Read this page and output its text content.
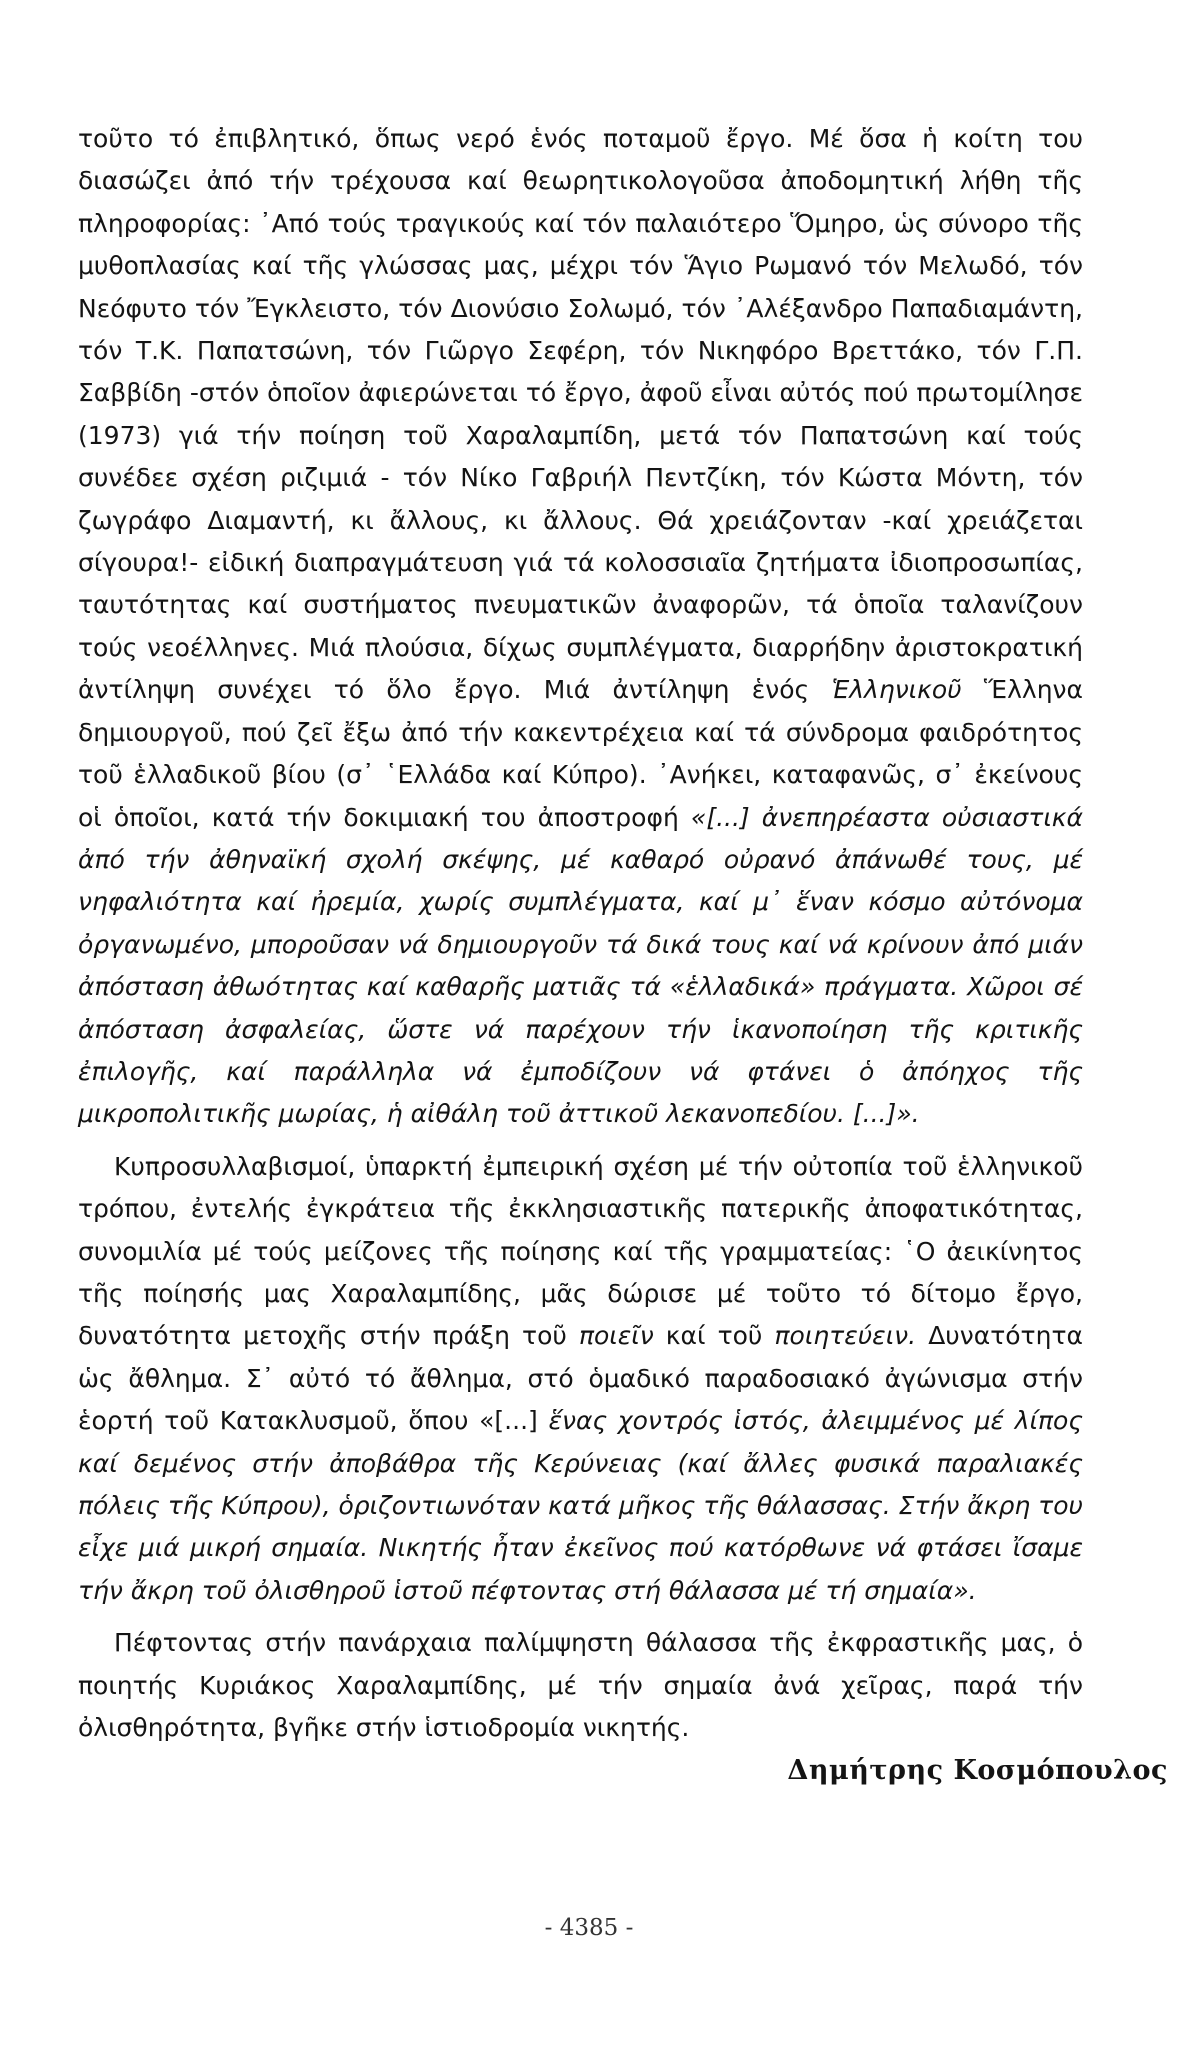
τοῦτο τό ἐπιβλητικό, ὅπως νερό ἑνός ποταμοῦ ἔργο. Μέ ὅσα ἡ κοίτη του διασώζει ἀπό τήν τρέχουσα καί θεωρητικολογοῦσα ἀποδομητική λήθη τῆς πληροφορίας: ᾽Από τούς τραγικούς καί τόν παλαιότερο Ὅμηρο, ὡς σύνορο τῆς μυθοπλασίας καί τῆς γλώσσας μας, μέχρι τόν Ἅγιο Ρωμανό τόν Μελωδό, τόν Νεόφυτο τόν Ἔγκλειστο, τόν Διονύσιο Σολωμό, τόν ᾽Αλέξανδρο Παπαδιαμάντη, τόν Τ.Κ. Παπατσώνη, τόν Γιῶργο Σεφέρη, τόν Νικηφόρο Βρεττάκο, τόν Γ.Π. Σαββίδη -στόν ὁποῖον ἀφιερώνεται τό ἔργο, ἀφοῦ εἶναι αὐτός πού πρωτομίλησε (1973) γιά τήν ποίηση τοῦ Χαραλαμπίδη, μετά τόν Παπατσώνη καί τούς συνέδεε σχέση ριζιμιά - τόν Νίκο Γαβριήλ Πεντζίκη, τόν Κώστα Μόντη, τόν ζωγράφο Διαμαντή, κι ἄλλους, κι ἄλλους. Θά χρειάζονταν -καί χρειάζεται σίγουρα!- εἰδική διαπραγμάτευση γιά τά κολοσσιαῖα ζητήματα ἰδιοπροσωπίας, ταυτότητας καί συστήματος πνευματικῶν ἀναφορῶν, τά ὁποῖα ταλανίζουν τούς νεοέλληνες. Μιά πλούσια, δίχως συμπλέγματα, διαρρήδην ἀριστοκρατική ἀντίληψη συνέχει τό ὅλο ἔργο. Μιά ἀντίληψη ἑνός Ἑλληνικοῦ Ἕλληνα δημιουργοῦ, πού ζεῖ ἔξω ἀπό τήν κακεντρέχεια καί τά σύνδρομα φαιδρότητος τοῦ ἑλλαδικοῦ βίου (σ᾽ ῾Ελλάδα καί Κύπρο). ᾽Ανήκει, καταφανῶς, σ᾽ ἐκείνους οἱ ὁποῖοι, κατά τήν δοκιμιακή του ἀποστροφή «[...] ἀνεπηρέαστα οὐσιαστικά ἀπό τήν ἀθηναϊκή σχολή σκέψης, μέ καθαρό οὐρανό ἀπάνωθέ τους, μέ νηφαλιότητα καί ἠρεμία, χωρίς συμπλέγματα, καί μ᾽ ἕναν κόσμο αὐτόνομα ὀργανωμένο, μποροῦσαν νά δημιουργοῦν τά δικά τους καί νά κρίνουν ἀπό μιάν ἀπόσταση ἀθωότητας καί καθαρῆς ματιᾶς τά «ἑλλαδικά» πράγματα. Χῶροι σέ ἀπόσταση ἀσφαλείας, ὥστε νά παρέχουν τήν ἱκανοποίηση τῆς κριτικῆς ἐπιλογῆς, καί παράλληλα νά ἐμποδίζουν νά φτάνει ὁ ἀπόηχος τῆς μικροπολιτικῆς μωρίας, ἡ αἰθάλη τοῦ ἀττικοῦ λεκανοπεδίου. [...]».

Κυπροσυλλαβισμοί, ὑπαρκτή ἐμπειρική σχέση μέ τήν οὐτοπία τοῦ ἑλληνικοῦ τρόπου, ἐντελής ἐγκράτεια τῆς ἐκκλησιαστικῆς πατερικῆς ἀποφατικότητας, συνομιλία μέ τούς μείζονες τῆς ποίησης καί τῆς γραμματείας: ῾Ο ἀεικίνητος τῆς ποίησής μας Χαραλαμπίδης, μᾶς δώρισε μέ τοῦτο τό δίτομο ἔργο, δυνατότητα μετοχῆς στήν πράξη τοῦ ποιεῖν καί τοῦ ποιητεύειν. Δυνατότητα ὡς ἄθλημα. Σ᾽ αὐτό τό ἄθλημα, στό ὁμαδικό παραδοσιακό ἀγώνισμα στήν ἑορτή τοῦ Κατακλυσμοῦ, ὅπου «[...] ἕνας χοντρός ἱστός, ἀλειμμένος μέ λίπος καί δεμένος στήν ἀποβάθρα τῆς Κερύνειας (καί ἄλλες φυσικά παραλιακές πόλεις τῆς Κύπρου), ὁριζοντιωνόταν κατά μῆκος τῆς θάλασσας. Στήν ἄκρη του εἶχε μιά μικρή σημαία. Νικητής ἦταν ἐκεῖνος πού κατόρθωνε νά φτάσει ἴσαμε τήν ἄκρη τοῦ ὀλισθηροῦ ἱστοῦ πέφτοντας στή θάλασσα μέ τή σημαία».

Πέφτοντας στήν πανάρχαια παλίμψηστη θάλασσα τῆς ἐκφραστικῆς μας, ὁ ποιητής Κυριάκος Χαραλαμπίδης, μέ τήν σημαία ἀνά χεῖρας, παρά τήν ὀλισθηρότητα, βγῆκε στήν ἱστιοδρομία νικητής.

Δημήτρης Κοσμόπουλος
- 4385 -
